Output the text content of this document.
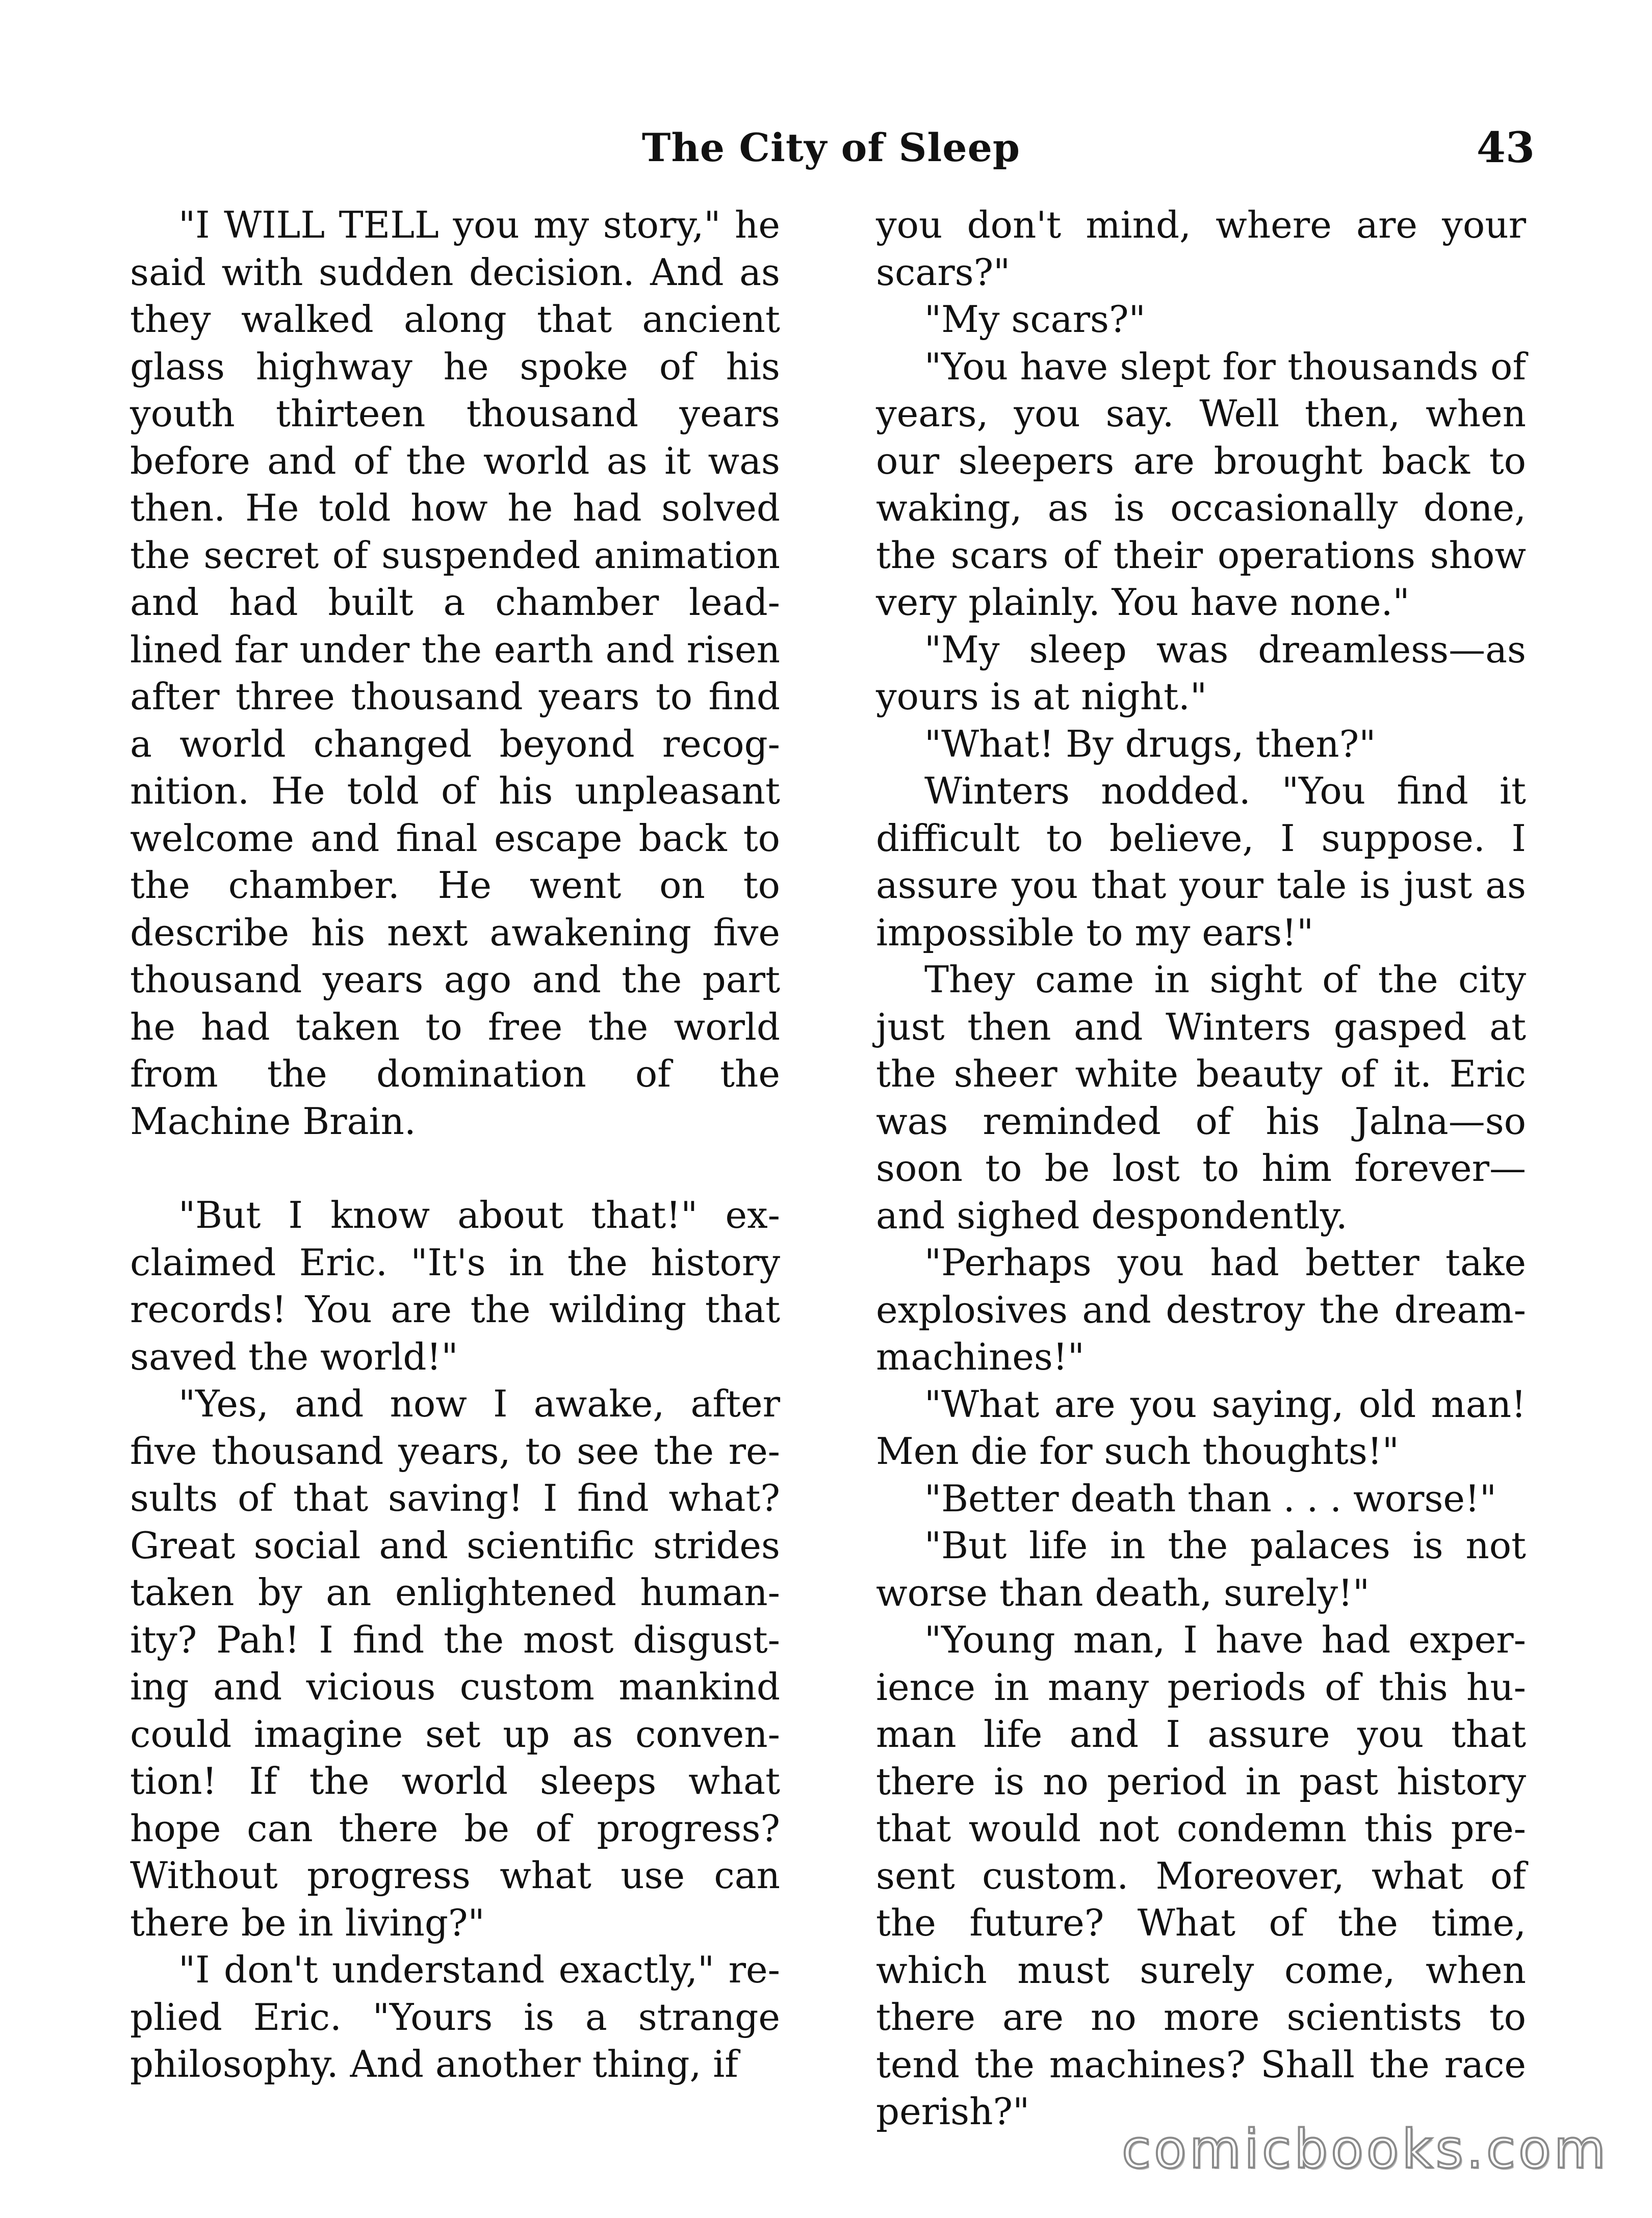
The City of Sleep	43

"I WILL TELL you my story," he said with sudden decision. And as they walked along that ancient glass highway he spoke of his youth thirteen thousand years before and of the world as it was then. He told how he had solved the secret of suspended animation and had built a chamber lead-lined far under the earth and risen after three thousand years to find a world changed beyond recognition. He told of his unpleasant welcome and final escape back to the chamber. He went on to describe his next awakening five thousand years ago and the part he had taken to free the world from the domination of the Machine Brain.

"But I know about that!" exclaimed Eric. "It's in the history records! You are the wilding that saved the world!"

"Yes, and now I awake, after five thousand years, to see the results of that saving! I find what? Great social and scientific strides taken by an enlightened humanity? Pah! I find the most disgusting and vicious custom mankind could imagine set up as convention! If the world sleeps what hope can there be of progress? Without progress what use can there be in living?"

"I don't understand exactly," replied Eric. "Yours is a strange philosophy. And another thing, if

you don't mind, where are your scars?"

"My scars?"

"You have slept for thousands of years, you say. Well then, when our sleepers are brought back to waking, as is occasionally done, the scars of their operations show very plainly. You have none."

"My sleep was dreamless—as yours is at night."

"What! By drugs, then?"

Winters nodded. "You find it difficult to believe, I suppose. I assure you that your tale is just as impossible to my ears!"

They came in sight of the city just then and Winters gasped at the sheer white beauty of it. Eric was reminded of his Jalna—so soon to be lost to him forever—and sighed despondently.

"Perhaps you had better take explosives and destroy the dream-machines!"

"What are you saying, old man! Men die for such thoughts!"

"Better death than . . . worse!"

"But life in the palaces is not worse than death, surely!"

"Young man, I have had experience in many periods of this human life and I assure you that there is no period in past history that would not condemn this present custom. Moreover, what of the future? What of the time, which must surely come, when there are no more scientists to tend the machines? Shall the race perish?"

comicbooks.com
